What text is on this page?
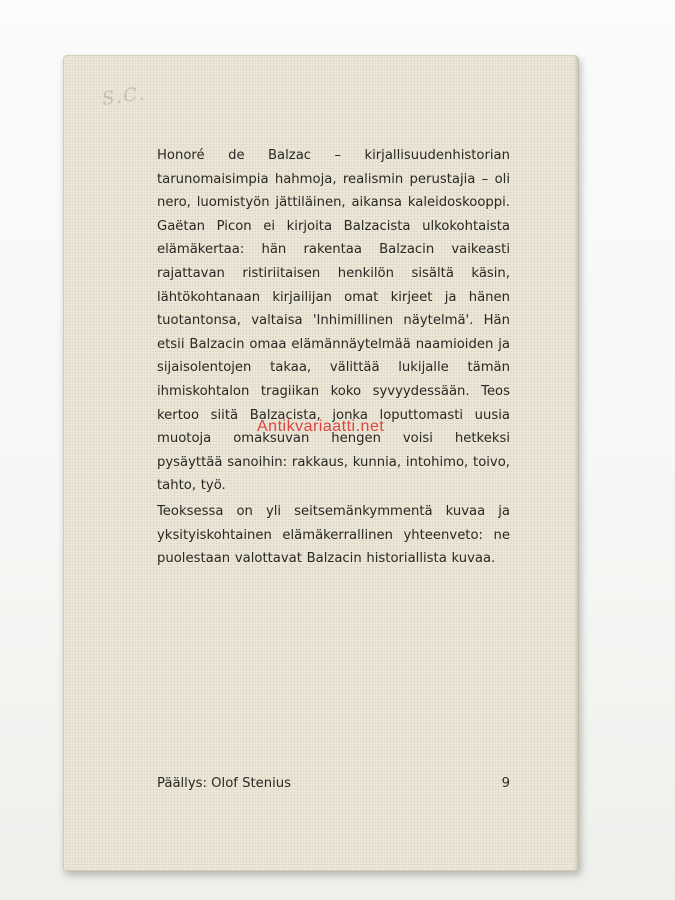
S.C.

Honoré de Balzac – kirjallisuudenhistorian tarunomaisimpia hahmoja, realismin perustajia – oli nero, luomistyön jättiläinen, aikansa kaleidoskooppi. Gaëtan Picon ei kirjoita Balzacista ulkokohtaista elämäkertaa: hän rakentaa Balzacin vaikeasti rajattavan ristiriitaisen henkilön sisältä käsin, lähtökohtanaan kirjailijan omat kirjeet ja hänen tuotantonsa, valtaisa 'Inhimillinen näytelmä'. Hän etsii Balzacin omaa elämännäytelmää naamioiden ja sijaisolentojen takaa, välittää lukijalle tämän ihmiskohtalon tragiikan koko syvyydessään. Teos kertoo siitä Balzacista, jonka loputtomasti uusia muotoja omaksuvan hengen voisi hetkeksi pysäyttää sanoihin: rakkaus, kunnia, intohimo, toivo, tahto, työ.

Teoksessa on yli seitsemänkymmentä kuvaa ja yksityiskohtainen elämäkerrallinen yhteenveto: ne puolestaan valottavat Balzacin historiallista kuvaa.

Antikvariaatti.net
Päällys: Olof Stenius	9
